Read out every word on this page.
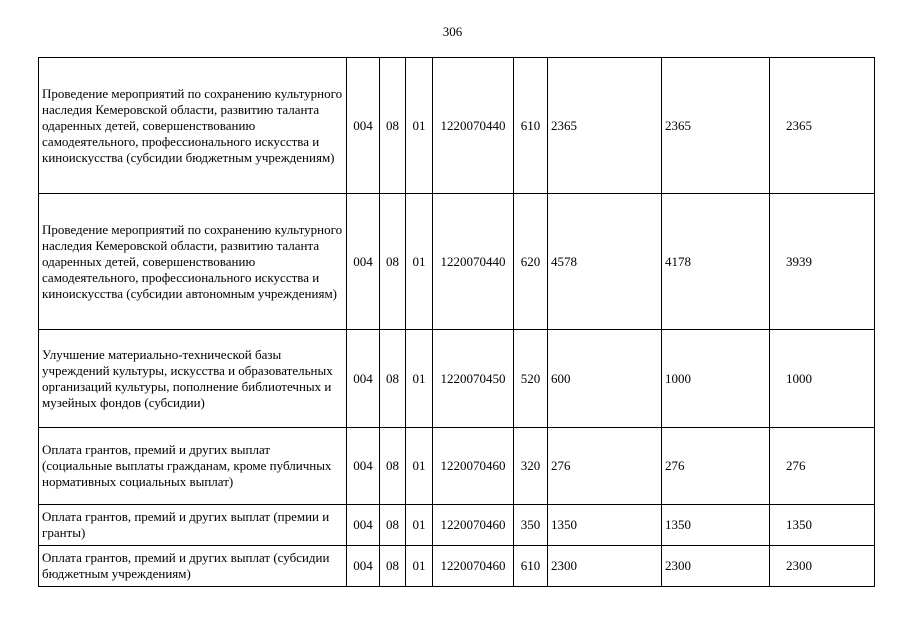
306
Проведение мероприятий по сохранению культурного наследия Кемеровской области, развитию таланта одаренных детей, совершенствованию самодеятельного, профессионального искусства и киноискусства (субсидии бюджетным учреждениям)	004	08	01	1220070440	610	2365	2365	2365
Проведение мероприятий по сохранению культурного наследия Кемеровской области, развитию таланта одаренных детей, совершенствованию самодеятельного, профессионального искусства и киноискусства (субсидии автономным учреждениям)	004	08	01	1220070440	620	4578	4178	3939
Улучшение материально-технической базы учреждений культуры, искусства и образовательных организаций культуры, пополнение библиотечных и музейных фондов (субсидии)	004	08	01	1220070450	520	600	1000	1000
Оплата грантов, премий и других выплат (социальные выплаты гражданам, кроме публичных нормативных социальных выплат)	004	08	01	1220070460	320	276	276	276
Оплата грантов, премий и других выплат (премии и гранты)	004	08	01	1220070460	350	1350	1350	1350
Оплата грантов, премий и других выплат (субсидии бюджетным учреждениям)	004	08	01	1220070460	610	2300	2300	2300
